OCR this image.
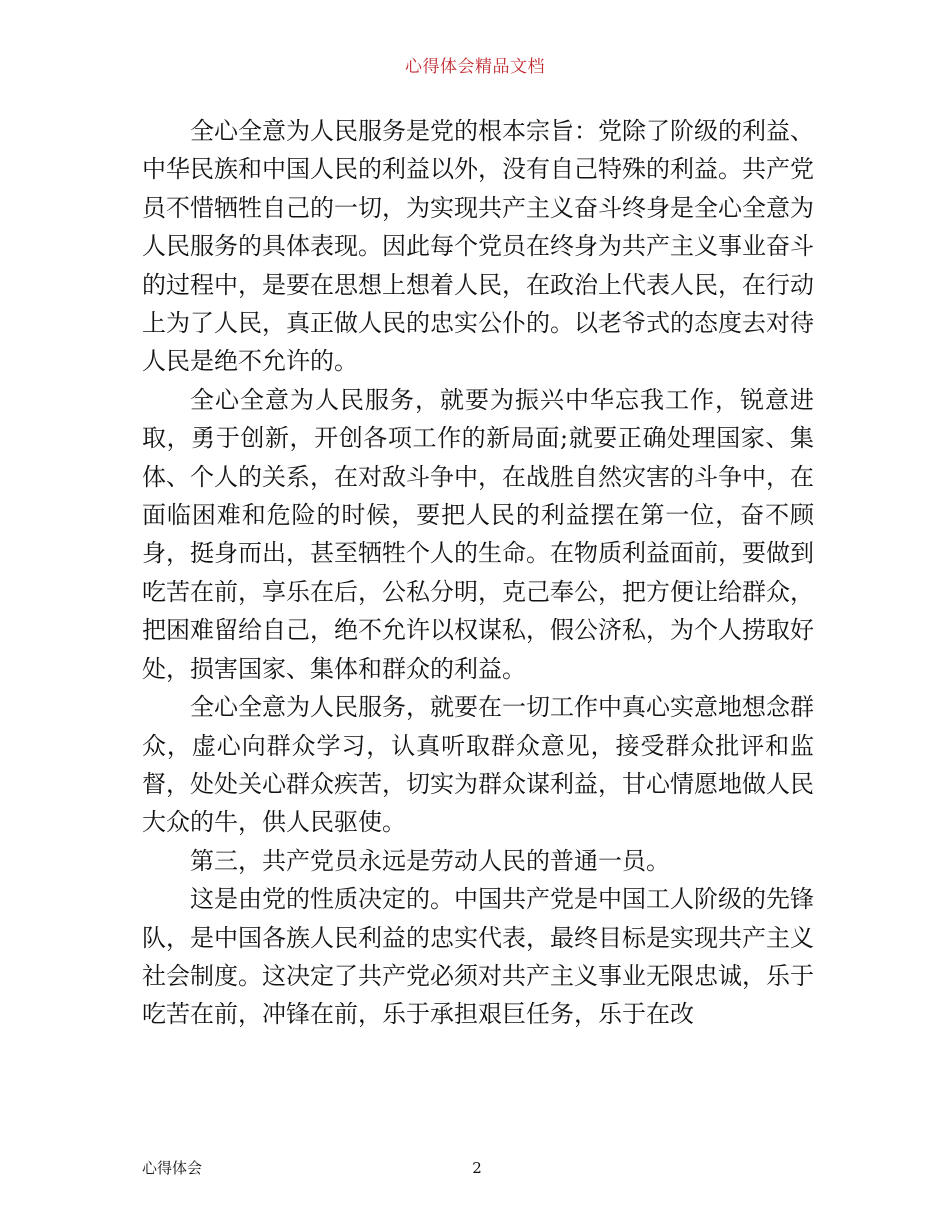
心得体会精品文档

全心全意为人民服务是党的根本宗旨：党除了阶级的利益、中华民族和中国人民的利益以外，没有自己特殊的利益。共产党员不惜牺牲自己的一切，为实现共产主义奋斗终身是全心全意为人民服务的具体表现。因此每个党员在终身为共产主义事业奋斗的过程中，是要在思想上想着人民，在政治上代表人民，在行动上为了人民，真正做人民的忠实公仆的。以老爷式的态度去对待人民是绝不允许的。

全心全意为人民服务，就要为振兴中华忘我工作，锐意进取，勇于创新，开创各项工作的新局面;就要正确处理国家、集体、个人的关系，在对敌斗争中，在战胜自然灾害的斗争中，在面临困难和危险的时候，要把人民的利益摆在第一位，奋不顾身，挺身而出，甚至牺牲个人的生命。在物质利益面前，要做到吃苦在前，享乐在后，公私分明，克己奉公，把方便让给群众，把困难留给自己，绝不允许以权谋私，假公济私，为个人捞取好处，损害国家、集体和群众的利益。

全心全意为人民服务，就要在一切工作中真心实意地想念群众，虚心向群众学习，认真听取群众意见，接受群众批评和监督，处处关心群众疾苦，切实为群众谋利益，甘心情愿地做人民大众的牛，供人民驱使。

第三，共产党员永远是劳动人民的普通一员。

这是由党的性质决定的。中国共产党是中国工人阶级的先锋队，是中国各族人民利益的忠实代表，最终目标是实现共产主义社会制度。这决定了共产党必须对共产主义事业无限忠诚，乐于吃苦在前，冲锋在前，乐于承担艰巨任务，乐于在改

心得体会	2
